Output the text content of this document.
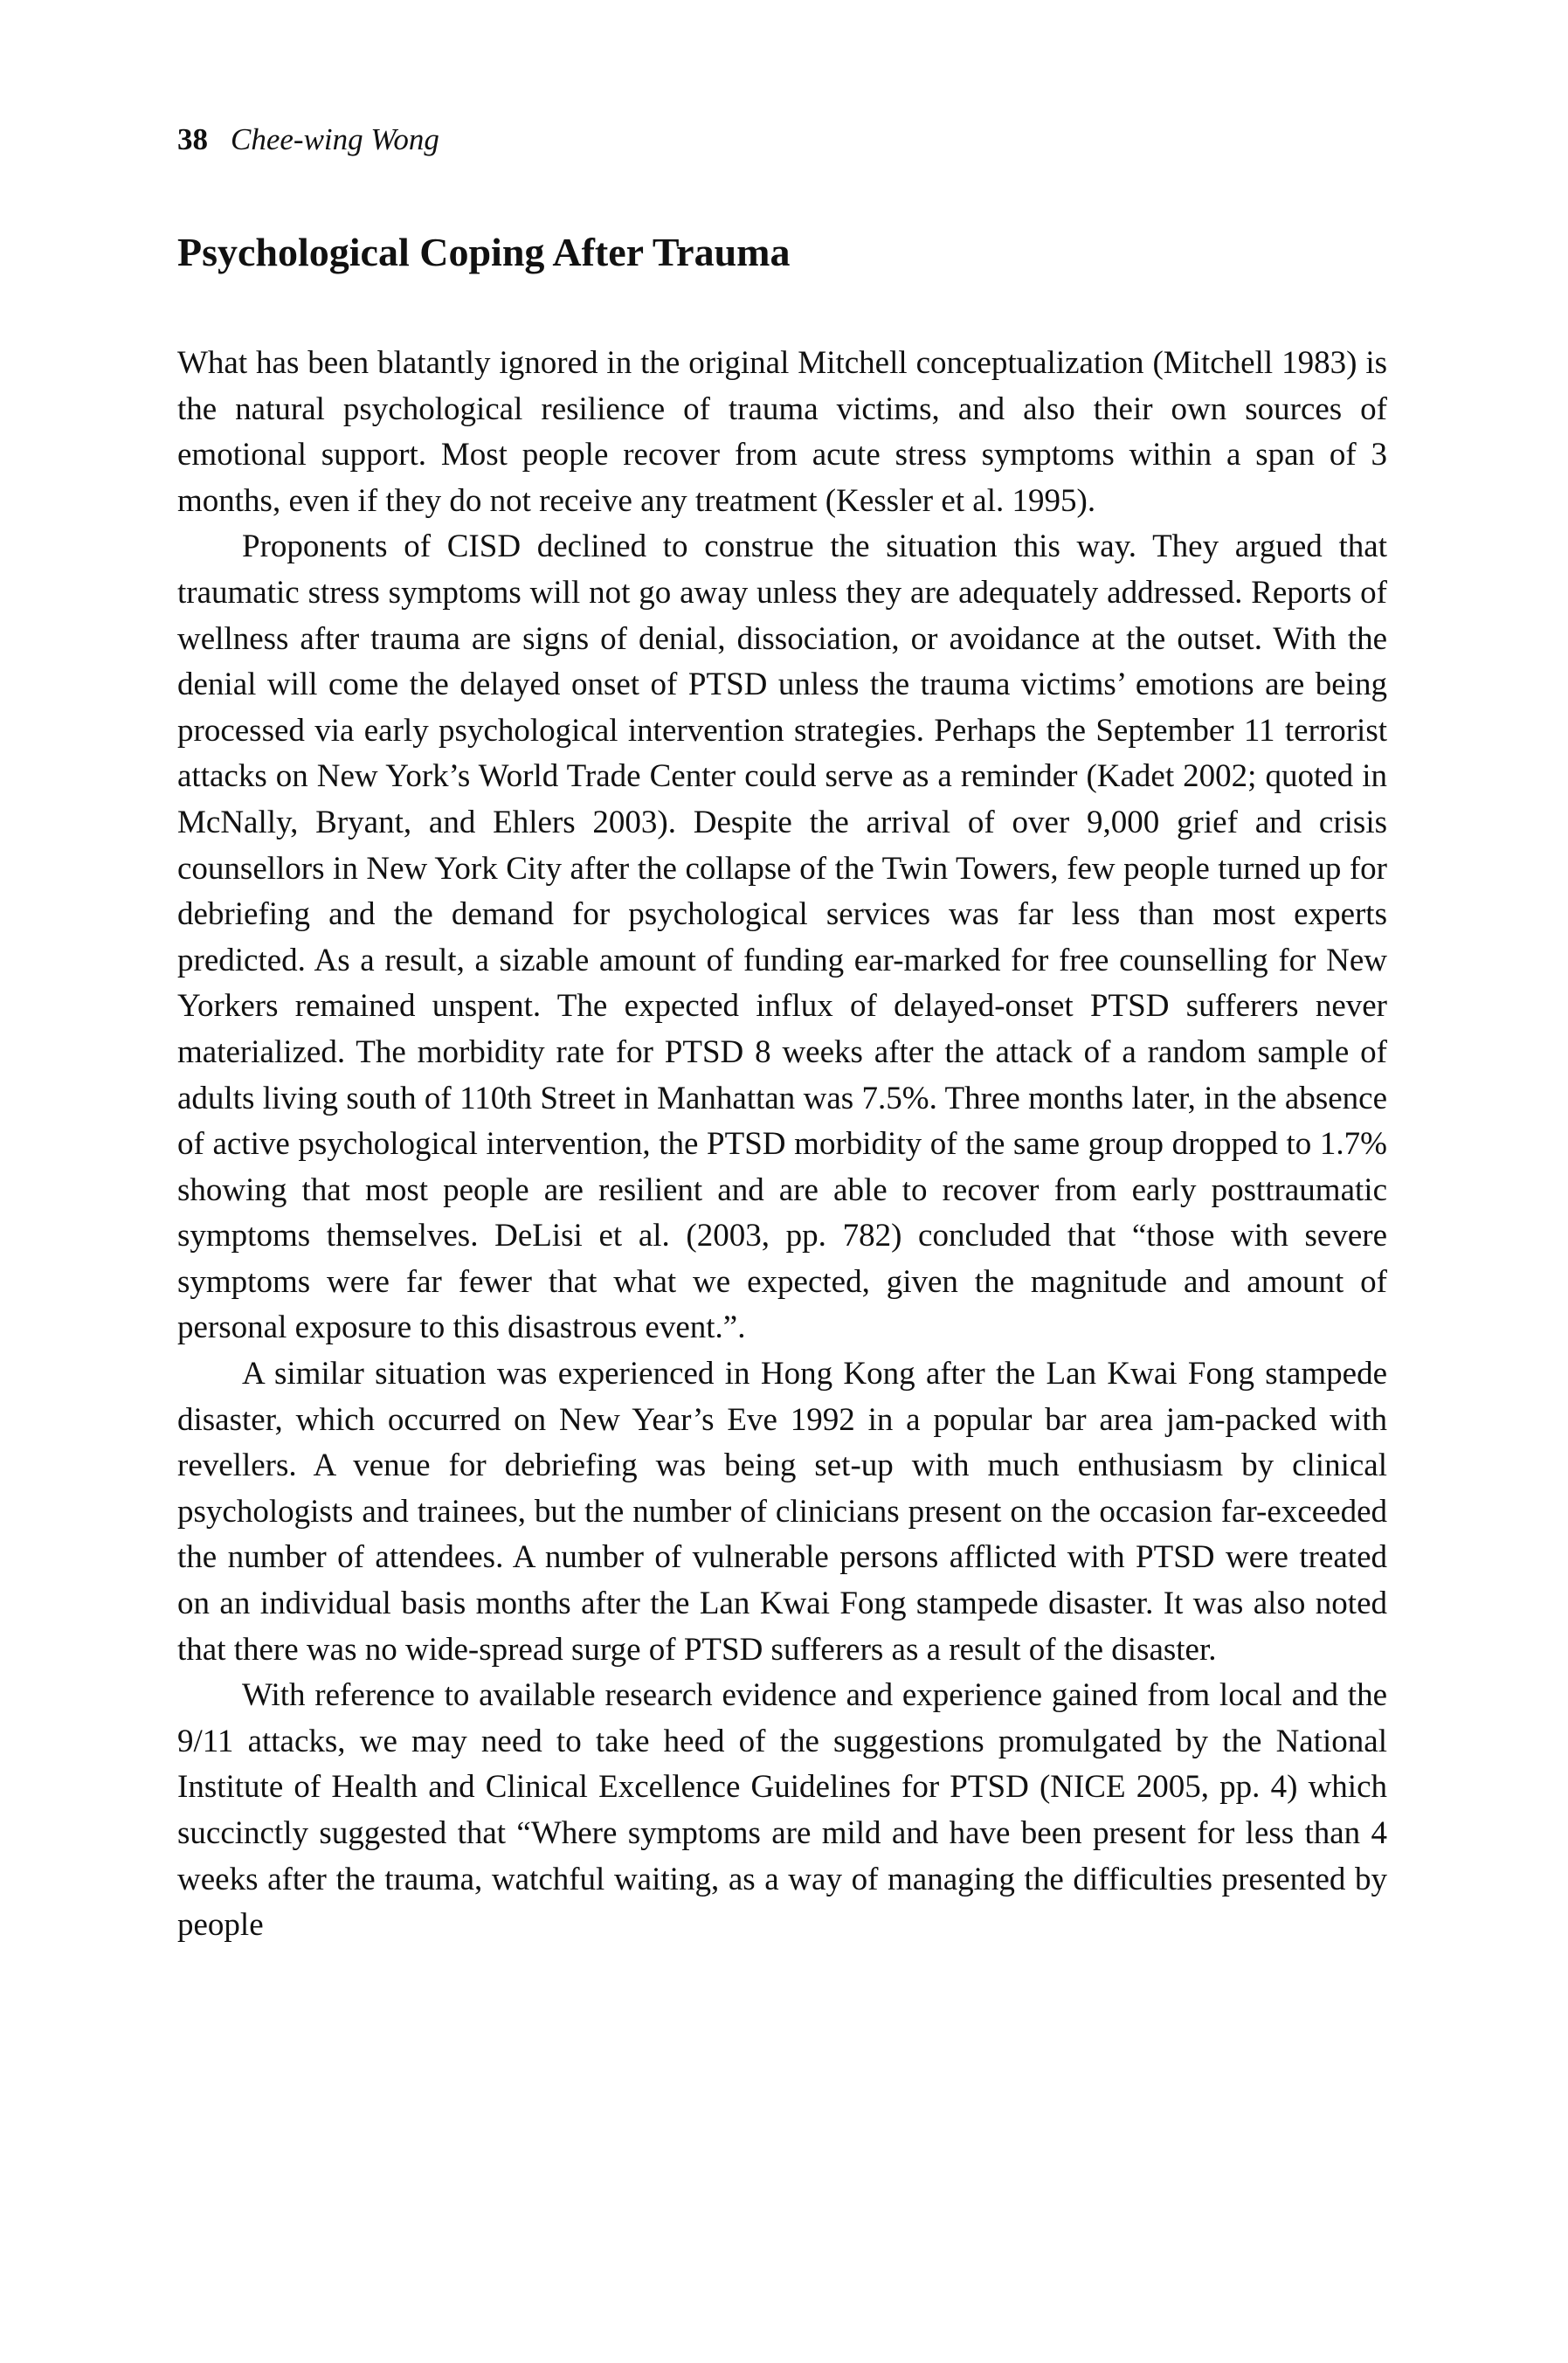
38 Chee-wing Wong
Psychological Coping After Trauma

What has been blatantly ignored in the original Mitchell conceptualization (Mitchell 1983) is the natural psychological resilience of trauma victims, and also their own sources of emotional support. Most people recover from acute stress symptoms within a span of 3 months, even if they do not receive any treatment (Kessler et al. 1995).

Proponents of CISD declined to construe the situation this way. They argued that traumatic stress symptoms will not go away unless they are adequately addressed. Reports of wellness after trauma are signs of denial, dissociation, or avoidance at the outset. With the denial will come the delayed onset of PTSD unless the trauma victims’ emotions are being processed via early psychological intervention strategies. Perhaps the September 11 terrorist attacks on New York’s World Trade Center could serve as a reminder (Kadet 2002; quoted in McNally, Bryant, and Ehlers 2003). Despite the arrival of over 9,000 grief and crisis counsellors in New York City after the collapse of the Twin Towers, few people turned up for debriefing and the demand for psychological services was far less than most experts predicted. As a result, a sizable amount of funding ear-marked for free counselling for New Yorkers remained unspent. The expected influx of delayed-onset PTSD sufferers never materialized. The morbidity rate for PTSD 8 weeks after the attack of a random sample of adults living south of 110th Street in Manhattan was 7.5%. Three months later, in the absence of active psychological intervention, the PTSD morbidity of the same group dropped to 1.7% showing that most people are resilient and are able to recover from early posttraumatic symptoms themselves. DeLisi et al. (2003, pp. 782) concluded that “those with severe symptoms were far fewer that what we expected, given the magnitude and amount of personal exposure to this disastrous event.”.

A similar situation was experienced in Hong Kong after the Lan Kwai Fong stampede disaster, which occurred on New Year’s Eve 1992 in a popular bar area jam-packed with revellers. A venue for debriefing was being set-up with much enthusiasm by clinical psychologists and trainees, but the number of clinicians present on the occasion far-exceeded the number of attendees. A number of vulnerable persons afflicted with PTSD were treated on an individual basis months after the Lan Kwai Fong stampede disaster. It was also noted that there was no wide-spread surge of PTSD sufferers as a result of the disaster.

With reference to available research evidence and experience gained from local and the 9/11 attacks, we may need to take heed of the suggestions promulgated by the National Institute of Health and Clinical Excellence Guidelines for PTSD (NICE 2005, pp. 4) which succinctly suggested that “Where symptoms are mild and have been present for less than 4 weeks after the trauma, watchful waiting, as a way of managing the difficulties presented by people
